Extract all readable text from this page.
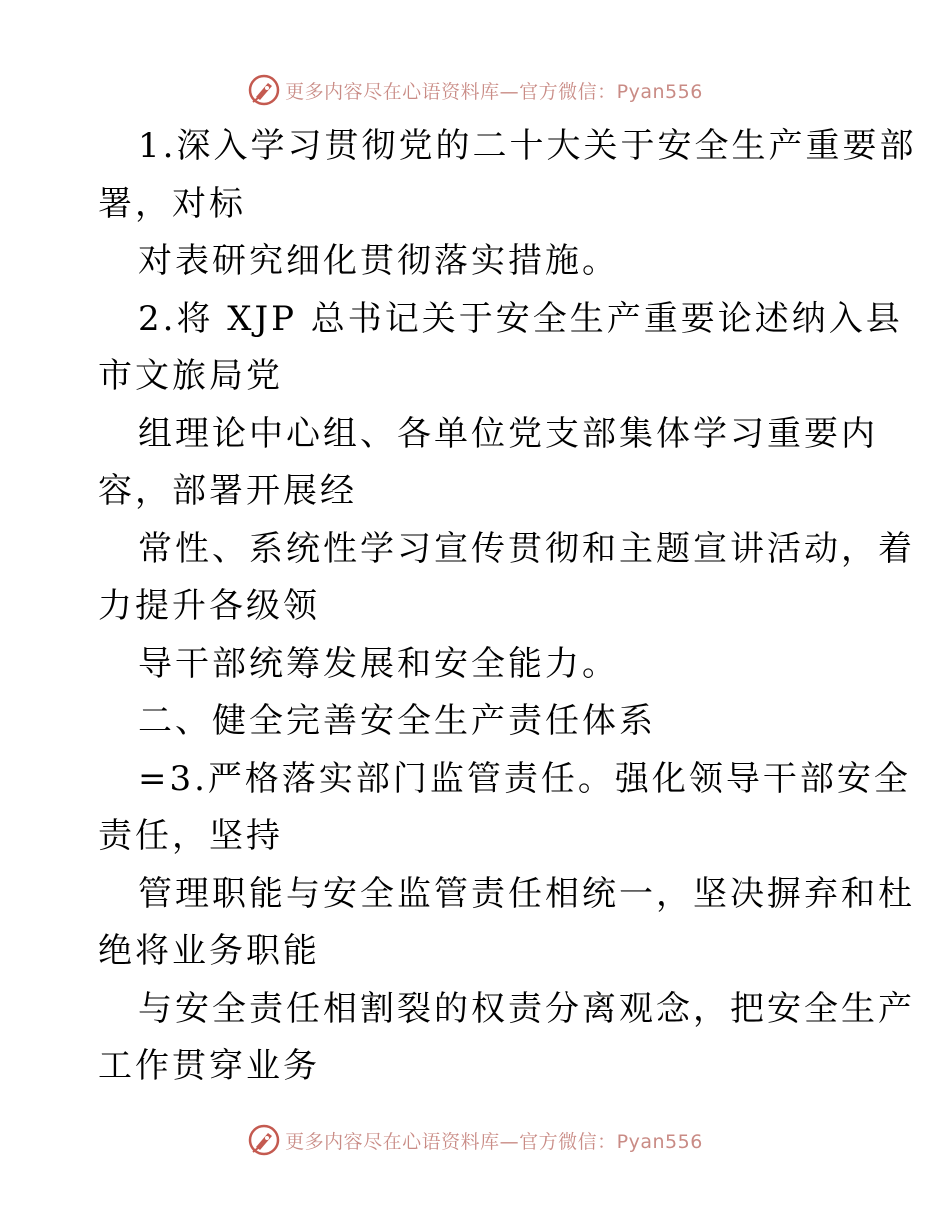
更多内容尽在心语资料库—官方微信：Pyan556
1.深入学习贯彻党的二十大关于安全生产重要部
署，对标
对表研究细化贯彻落实措施。
2.将 XJP 总书记关于安全生产重要论述纳入县
市文旅局党
组理论中心组、各单位党支部集体学习重要内
容，部署开展经
常性、系统性学习宣传贯彻和主题宣讲活动，着
力提升各级领
导干部统筹发展和安全能力。
二、健全完善安全生产责任体系
=3.严格落实部门监管责任。强化领导干部安全
责任，坚持
管理职能与安全监管责任相统一，坚决摒弃和杜
绝将业务职能
与安全责任相割裂的权责分离观念，把安全生产
工作贯穿业务
更多内容尽在心语资料库—官方微信：Pyan556
